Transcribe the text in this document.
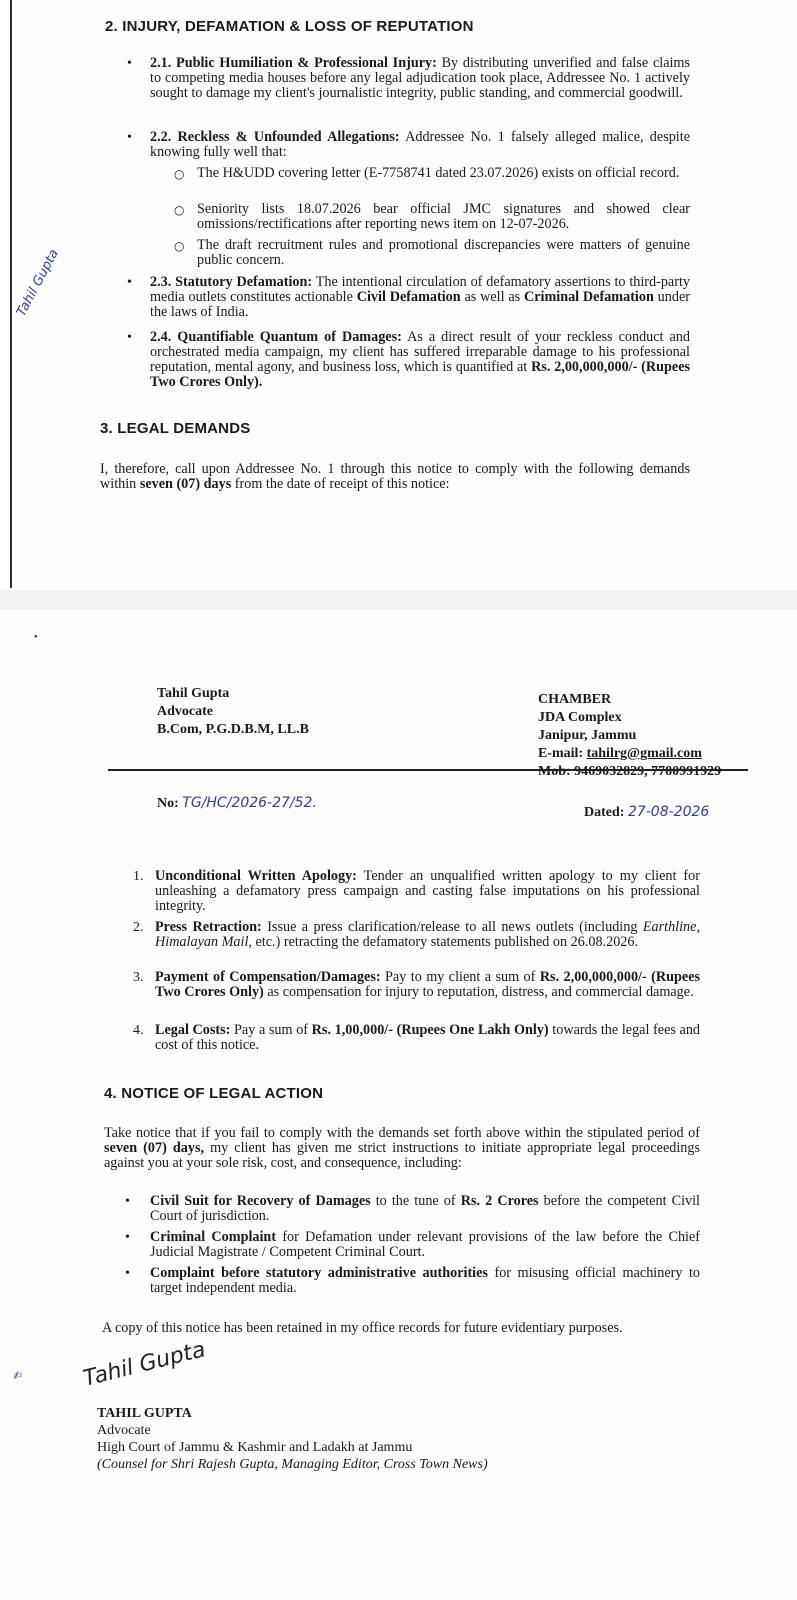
2. INJURY, DEFAMATION & LOSS OF REPUTATION
• 2.1. Public Humiliation & Professional Injury: By distributing unverified and false claims to competing media houses before any legal adjudication took place, Addressee No. 1 actively sought to damage my client's journalistic integrity, public standing, and commercial goodwill.
• 2.2. Reckless & Unfounded Allegations: Addressee No. 1 falsely alleged malice, despite knowing fully well that:
○ The H&UDD covering letter (E-7758741 dated 23.07.2026) exists on official record.
○ Seniority lists 18.07.2026 bear official JMC signatures and showed clear omissions/rectifications after reporting news item on 12-07-2026.
○ The draft recruitment rules and promotional discrepancies were matters of genuine public concern.
• 2.3. Statutory Defamation: The intentional circulation of defamatory assertions to third-party media outlets constitutes actionable Civil Defamation as well as Criminal Defamation under the laws of India.
• 2.4. Quantifiable Quantum of Damages: As a direct result of your reckless conduct and orchestrated media campaign, my client has suffered irreparable damage to his professional reputation, mental agony, and business loss, which is quantified at Rs. 2,00,000,000/- (Rupees Two Crores Only).
Tahil Gupta
3. LEGAL DEMANDS
I, therefore, call upon Addressee No. 1 through this notice to comply with the following demands within seven (07) days from the date of receipt of this notice:
•
Tahil Gupta
Advocate
B.Com, P.G.D.B.M, LL.B
CHAMBER
JDA Complex
Janipur, Jammu
E-mail: tahilrg@gmail.com
Mob: 9469032829, 7780991929
No: TG/HC/2026-27/52.
Dated: 27-08-2026
1. Unconditional Written Apology: Tender an unqualified written apology to my client for unleashing a defamatory press campaign and casting false imputations on his professional integrity.
2. Press Retraction: Issue a press clarification/release to all news outlets (including Earthline, Himalayan Mail, etc.) retracting the defamatory statements published on 26.08.2026.
3. Payment of Compensation/Damages: Pay to my client a sum of Rs. 2,00,000,000/- (Rupees Two Crores Only) as compensation for injury to reputation, distress, and commercial damage.
4. Legal Costs: Pay a sum of Rs. 1,00,000/- (Rupees One Lakh Only) towards the legal fees and cost of this notice.
4. NOTICE OF LEGAL ACTION
Take notice that if you fail to comply with the demands set forth above within the stipulated period of seven (07) days, my client has given me strict instructions to initiate appropriate legal proceedings against you at your sole risk, cost, and consequence, including:
• Civil Suit for Recovery of Damages to the tune of Rs. 2 Crores before the competent Civil Court of jurisdiction.
• Criminal Complaint for Defamation under relevant provisions of the law before the Chief Judicial Magistrate / Competent Criminal Court.
• Complaint before statutory administrative authorities for misusing official machinery to target independent media.
A copy of this notice has been retained in my office records for future evidentiary purposes.
✍	Tahil Gupta
TAHIL GUPTA
Advocate
High Court of Jammu & Kashmir and Ladakh at Jammu
(Counsel for Shri Rajesh Gupta, Managing Editor, Cross Town News)
